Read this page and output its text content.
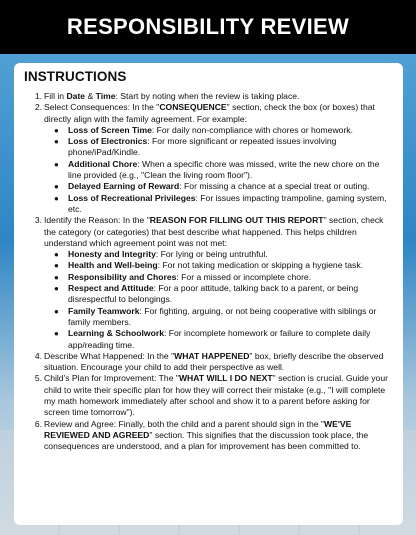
RESPONSIBILITY REVIEW
INSTRUCTIONS
1. Fill in Date & Time: Start by noting when the review is taking place.
2. Select Consequences: In the "CONSEQUENCE" section, check the box (or boxes) that directly align with the family agreement. For example:
●	Loss of Screen Time: For daily non-compliance with chores or homework.
●	Loss of Electronics: For more significant or repeated issues involving phone/iPad/Kindle.
●	Additional Chore: When a specific chore was missed, write the new chore on the line provided (e.g., "Clean the living room floor").
●	Delayed Earning of Reward: For missing a chance at a special treat or outing.
●	Loss of Recreational Privileges: For issues impacting trampoline, gaming system, etc.
3. Identify the Reason: In the "REASON FOR FILLING OUT THIS REPORT" section, check the category (or categories) that best describe what happened. This helps children understand which agreement point was not met:
●	Honesty and Integrity: For lying or being untruthful.
●	Health and Well-being: For not taking medication or skipping a hygiene task.
●	Responsibility and Chores: For a missed or incomplete chore.
●	Respect and Attitude: For a poor attitude, talking back to a parent, or being disrespectful to belongings.
●	Family Teamwork: For fighting, arguing, or not being cooperative with siblings or family members.
●	Learning & Schoolwork: For incomplete homework or failure to complete daily app/reading time.
4. Describe What Happened: In the "WHAT HAPPENED" box, briefly describe the observed situation. Encourage your child to add their perspective as well.
5. Child's Plan for Improvement: The "WHAT WILL I DO NEXT" section is crucial. Guide your child to write their specific plan for how they will correct their mistake (e.g., "I will complete my math homework immediately after school and show it to a parent before asking for screen time tomorrow").
6. Review and Agree: Finally, both the child and a parent should sign in the "WE'VE REVIEWED AND AGREED" section. This signifies that the discussion took place, the consequences are understood, and a plan for improvement has been committed to.
